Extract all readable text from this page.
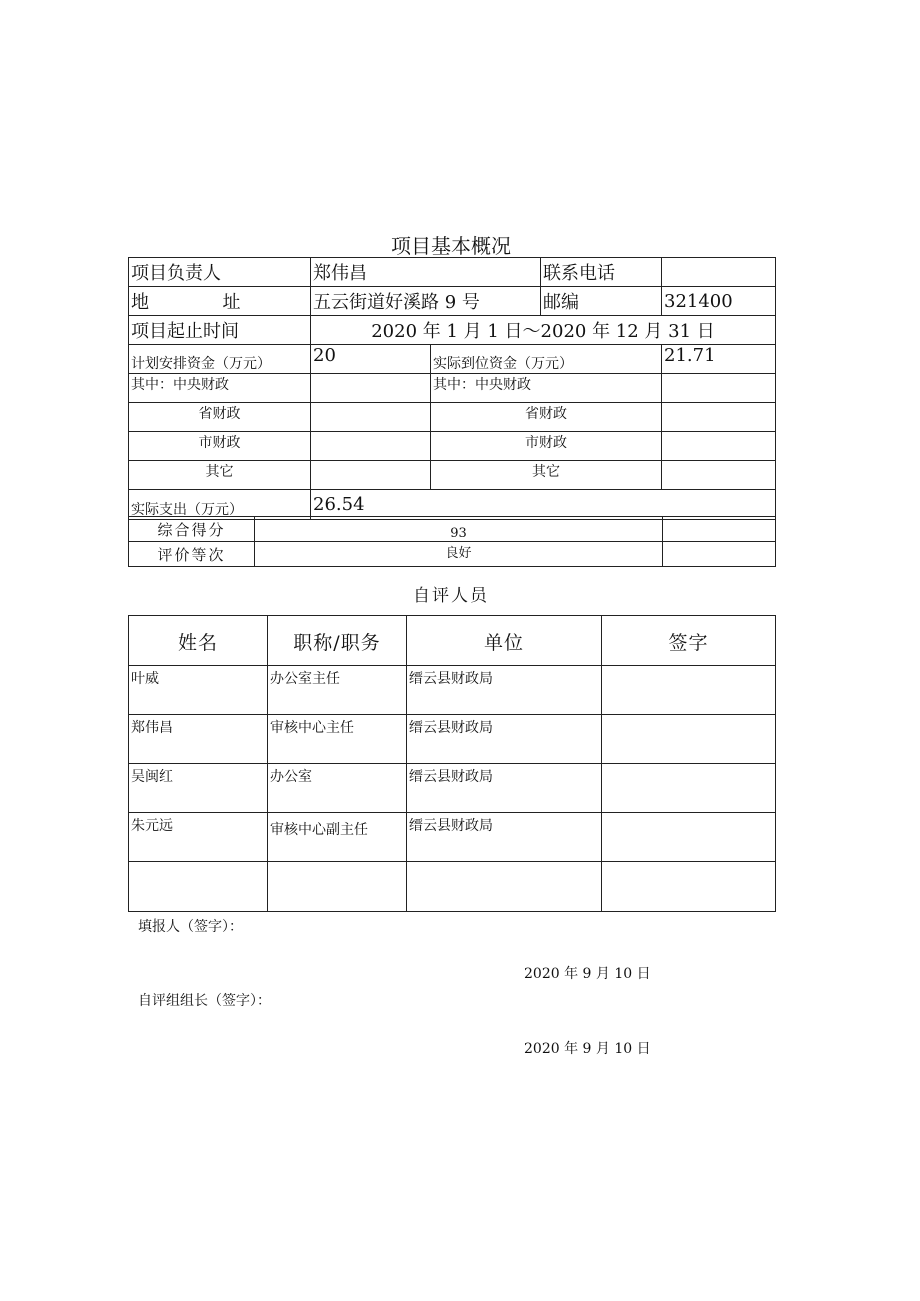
项目基本概况
项目负责人	郑伟昌		联系电话	
地 址	五云街道好溪路 9 号		邮编	321400
项目起止时间	2020 年 1 月 1 日～2020 年 12 月 31 日			
计划安排资金（万元）	20	实际到位资金（万元）		21.71
其中：中央财政		其中：中央财政		
省财政		省财政		
市财政		市财政		
其它		其它		
实际支出（万元）	26.54			
综合得分	93	
评价等次	良好	
自评人员
姓名	职称/职务	单位	签字
叶威	办公室主任	缙云县财政局	
郑伟昌	审核中心主任	缙云县财政局	
吴闽红	办公室	缙云县财政局	
朱元远	审核中心副主任	缙云县财政局	

填报人（签字）：
2020 年 9 月 10 日
自评组组长（签字）：
2020 年 9 月 10 日
